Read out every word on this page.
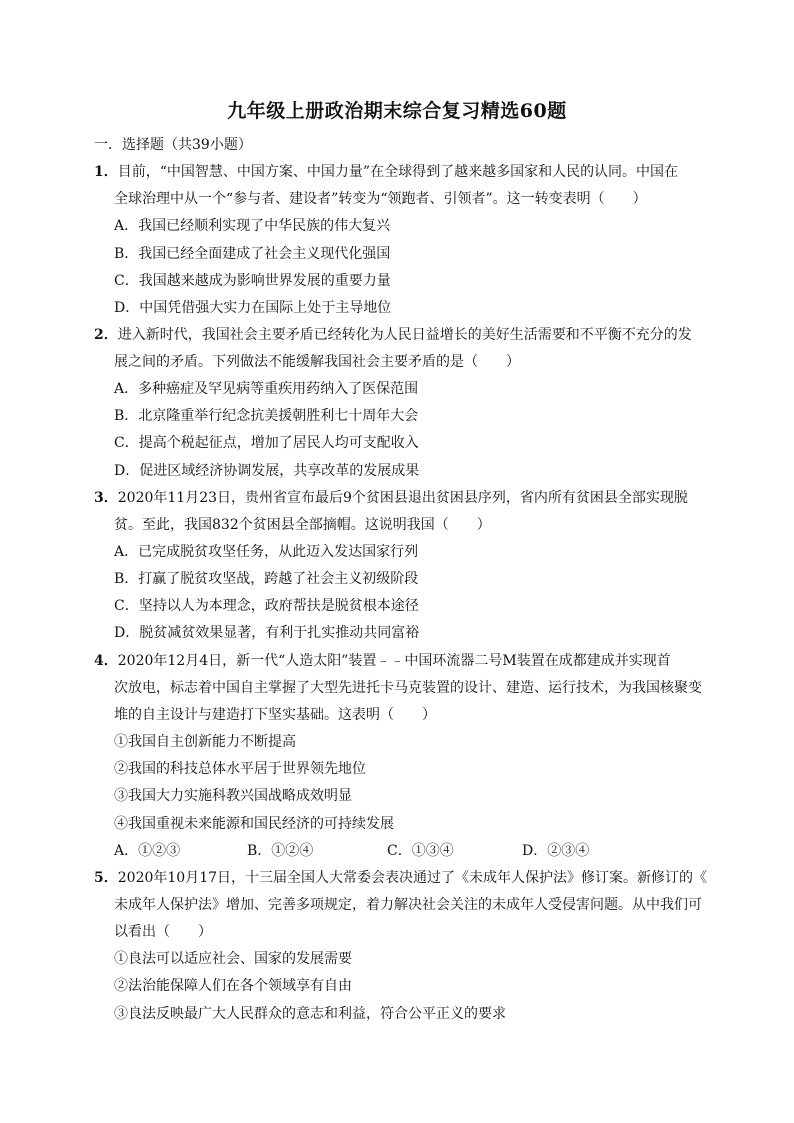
九年级上册政治期末综合复习精选60题
一．选择题（共39小题）
1．目前，“中国智慧、中国方案、中国力量”在全球得到了越来越多国家和人民的认同。中国在
全球治理中从一个“参与者、建设者”转变为“领跑者、引领者”。这一转变表明（　　）
A．我国已经顺利实现了中华民族的伟大复兴
B．我国已经全面建成了社会主义现代化强国
C．我国越来越成为影响世界发展的重要力量
D．中国凭借强大实力在国际上处于主导地位
2．进入新时代，我国社会主要矛盾已经转化为人民日益增长的美好生活需要和不平衡不充分的发
展之间的矛盾。下列做法不能缓解我国社会主要矛盾的是（　　）
A．多种癌症及罕见病等重疾用药纳入了医保范围
B．北京隆重举行纪念抗美援朝胜利七十周年大会
C．提高个税起征点，增加了居民人均可支配收入
D．促进区域经济协调发展，共享改革的发展成果
3．2020年11月23日，贵州省宣布最后9个贫困县退出贫困县序列，省内所有贫困县全部实现脱
贫。至此，我国832个贫困县全部摘帽。这说明我国（　　）
A．已完成脱贫攻坚任务，从此迈入发达国家行列
B．打赢了脱贫攻坚战，跨越了社会主义初级阶段
C．坚持以人为本理念，政府帮扶是脱贫根本途径
D．脱贫减贫效果显著，有利于扎实推动共同富裕
4．2020年12月4日，新一代“人造太阳”装置﹣﹣中国环流器二号M装置在成都建成并实现首
次放电，标志着中国自主掌握了大型先进托卡马克装置的设计、建造、运行技术，为我国核聚变
堆的自主设计与建造打下坚实基础。这表明（　　）
①我国自主创新能力不断提高
②我国的科技总体水平居于世界领先地位
③我国大力实施科教兴国战略成效明显
④我国重视未来能源和国民经济的可持续发展
A．①②③	B．①②④	C．①③④	D．②③④
5．2020年10月17日，十三届全国人大常委会表决通过了《未成年人保护法》修订案。新修订的《
未成年人保护法》增加、完善多项规定，着力解决社会关注的未成年人受侵害问题。从中我们可
以看出（　　）
①良法可以适应社会、国家的发展需要
②法治能保障人们在各个领域享有自由
③良法反映最广大人民群众的意志和利益，符合公平正义的要求
